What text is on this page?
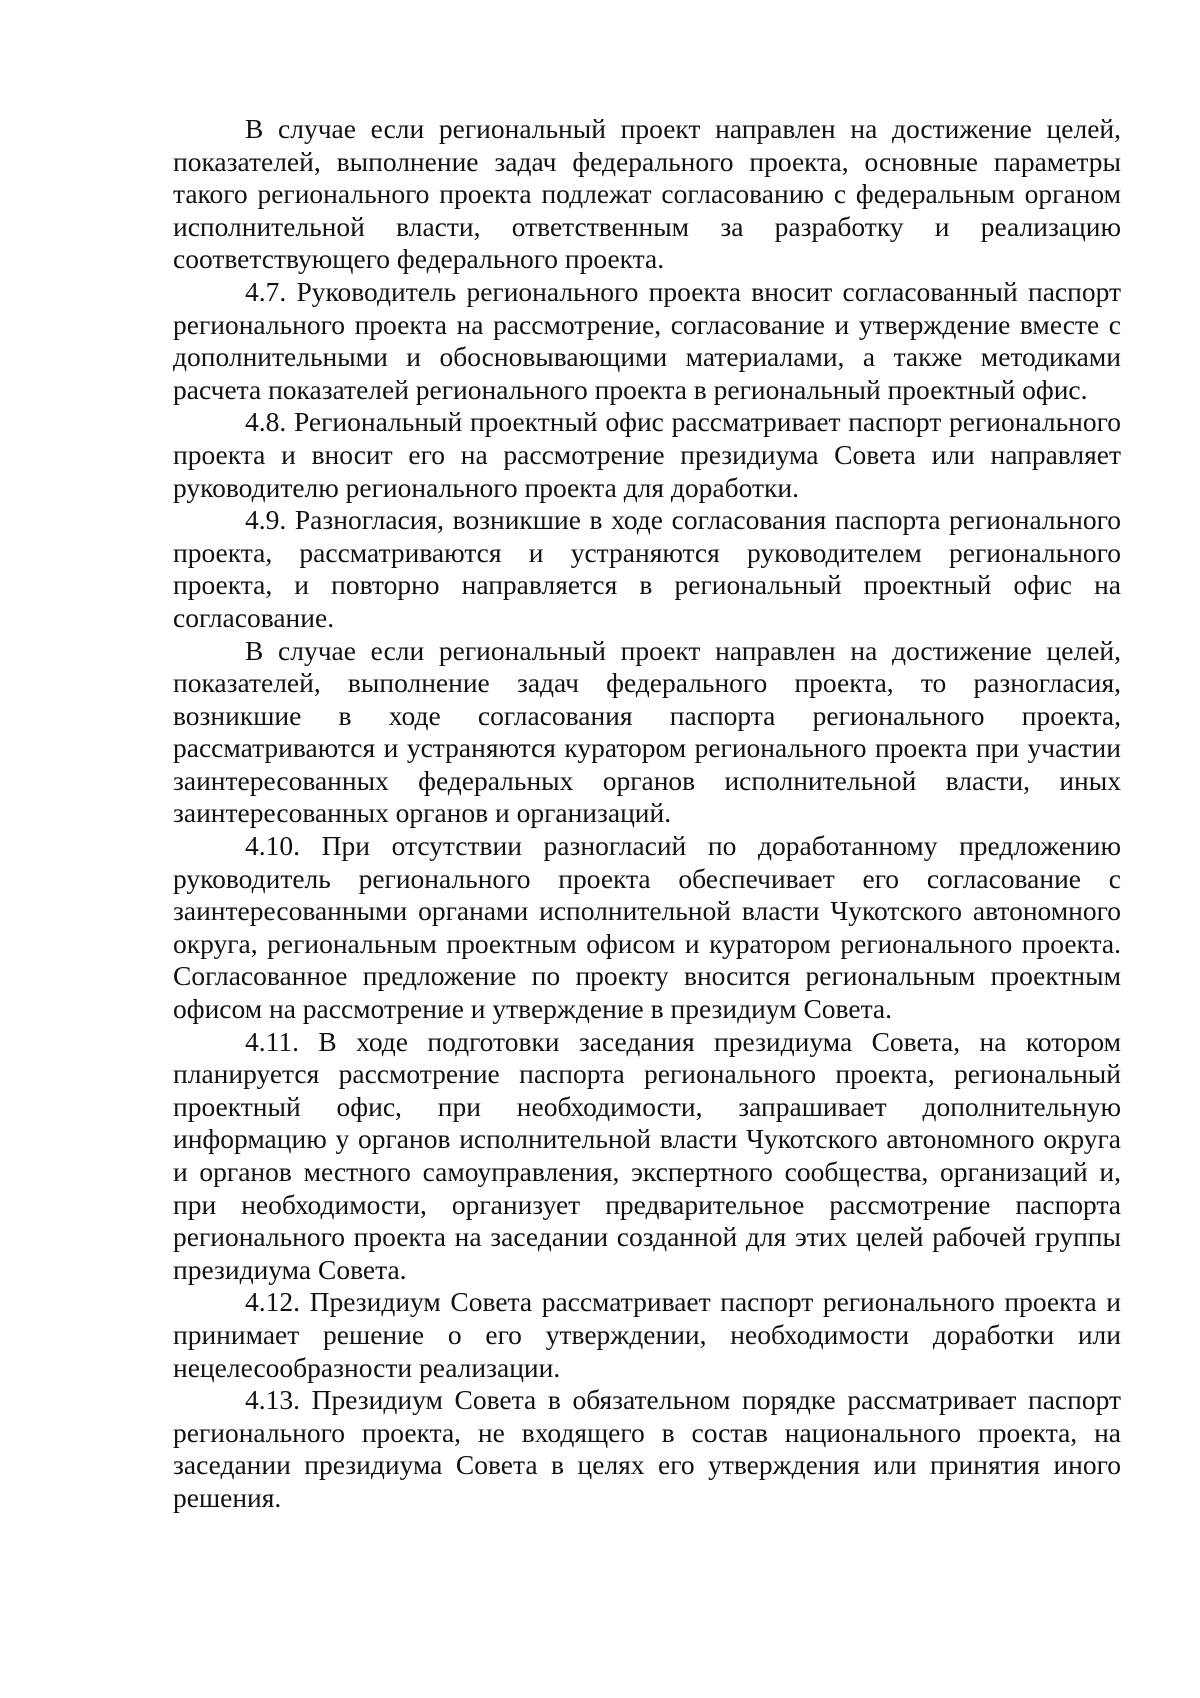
В случае если региональный проект направлен на достижение целей, показателей, выполнение задач федерального проекта, основные параметры такого регионального проекта подлежат согласованию с федеральным органом исполнительной власти, ответственным за разработку и реализацию соответствующего федерального проекта.

4.7. Руководитель регионального проекта вносит согласованный паспорт регионального проекта на рассмотрение, согласование и утверждение вместе с дополнительными и обосновывающими материалами, а также методиками расчета показателей регионального проекта в региональный проектный офис.

4.8. Региональный проектный офис рассматривает паспорт регионального проекта и вносит его на рассмотрение президиума Совета или направляет руководителю регионального проекта для доработки.

4.9. Разногласия, возникшие в ходе согласования паспорта регионального проекта, рассматриваются и устраняются руководителем регионального проекта, и повторно направляется в региональный проектный офис на согласование.

В случае если региональный проект направлен на достижение целей, показателей, выполнение задач федерального проекта, то разногласия, возникшие в ходе согласования паспорта регионального проекта, рассматриваются и устраняются куратором регионального проекта при участии заинтересованных федеральных органов исполнительной власти, иных заинтересованных органов и организаций.

4.10. При отсутствии разногласий по доработанному предложению руководитель регионального проекта обеспечивает его согласование с заинтересованными органами исполнительной власти Чукотского автономного округа, региональным проектным офисом и куратором регионального проекта. Согласованное предложение по проекту вносится региональным проектным офисом на рассмотрение и утверждение в президиум Совета.

4.11. В ходе подготовки заседания президиума Совета, на котором планируется рассмотрение паспорта регионального проекта, региональный проектный офис, при необходимости, запрашивает дополнительную информацию у органов исполнительной власти Чукотского автономного округа и органов местного самоуправления, экспертного сообщества, организаций и, при необходимости, организует предварительное рассмотрение паспорта регионального проекта на заседании созданной для этих целей рабочей группы президиума Совета.

4.12. Президиум Совета рассматривает паспорт регионального проекта и принимает решение о его утверждении, необходимости доработки или нецелесообразности реализации.

4.13. Президиум Совета в обязательном порядке рассматривает паспорт регионального проекта, не входящего в состав национального проекта, на заседании президиума Совета в целях его утверждения или принятия иного решения.
